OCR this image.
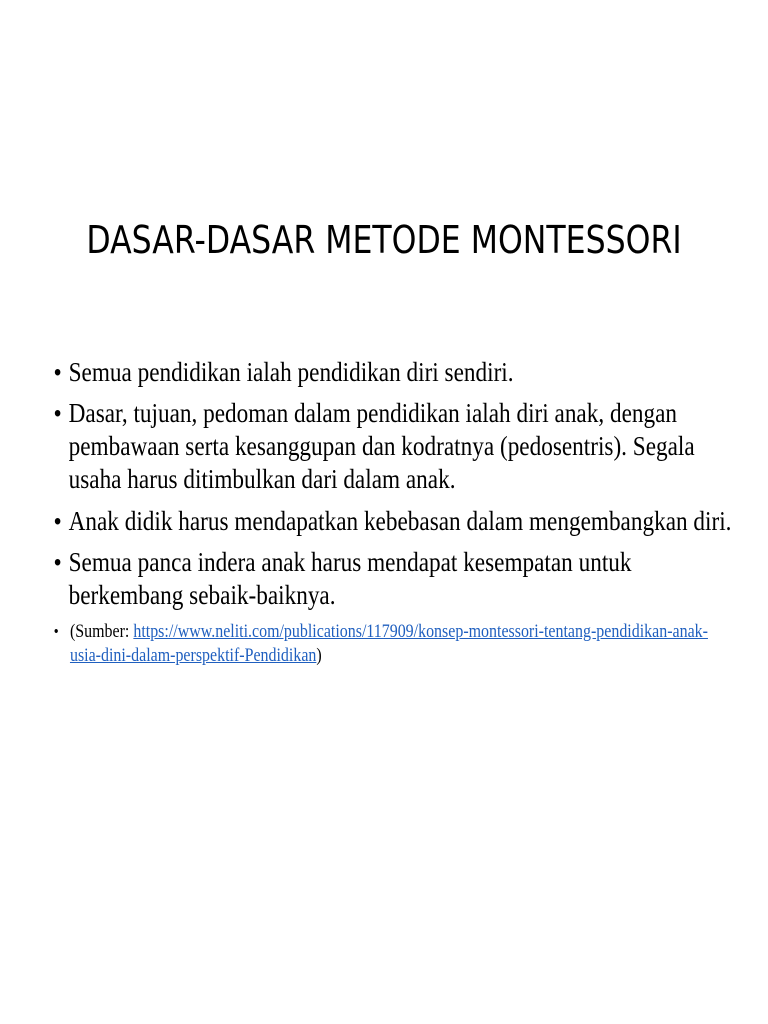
DASAR-DASAR METODE MONTESSORI
• Semua pendidikan ialah pendidikan diri sendiri.
• Dasar, tujuan, pedoman dalam pendidikan ialah diri anak, dengan pembawaan serta kesanggupan dan kodratnya (pedosentris). Segala usaha harus ditimbulkan dari dalam anak.
• Anak didik harus mendapatkan kebebasan dalam mengembangkan diri.
• Semua panca indera anak harus mendapat kesempatan untuk berkembang sebaik-baiknya.
• (Sumber: https://www.neliti.com/publications/117909/konsep-montessori-tentang-pendidikan-anak-usia-dini-dalam-perspektif-Pendidikan)
